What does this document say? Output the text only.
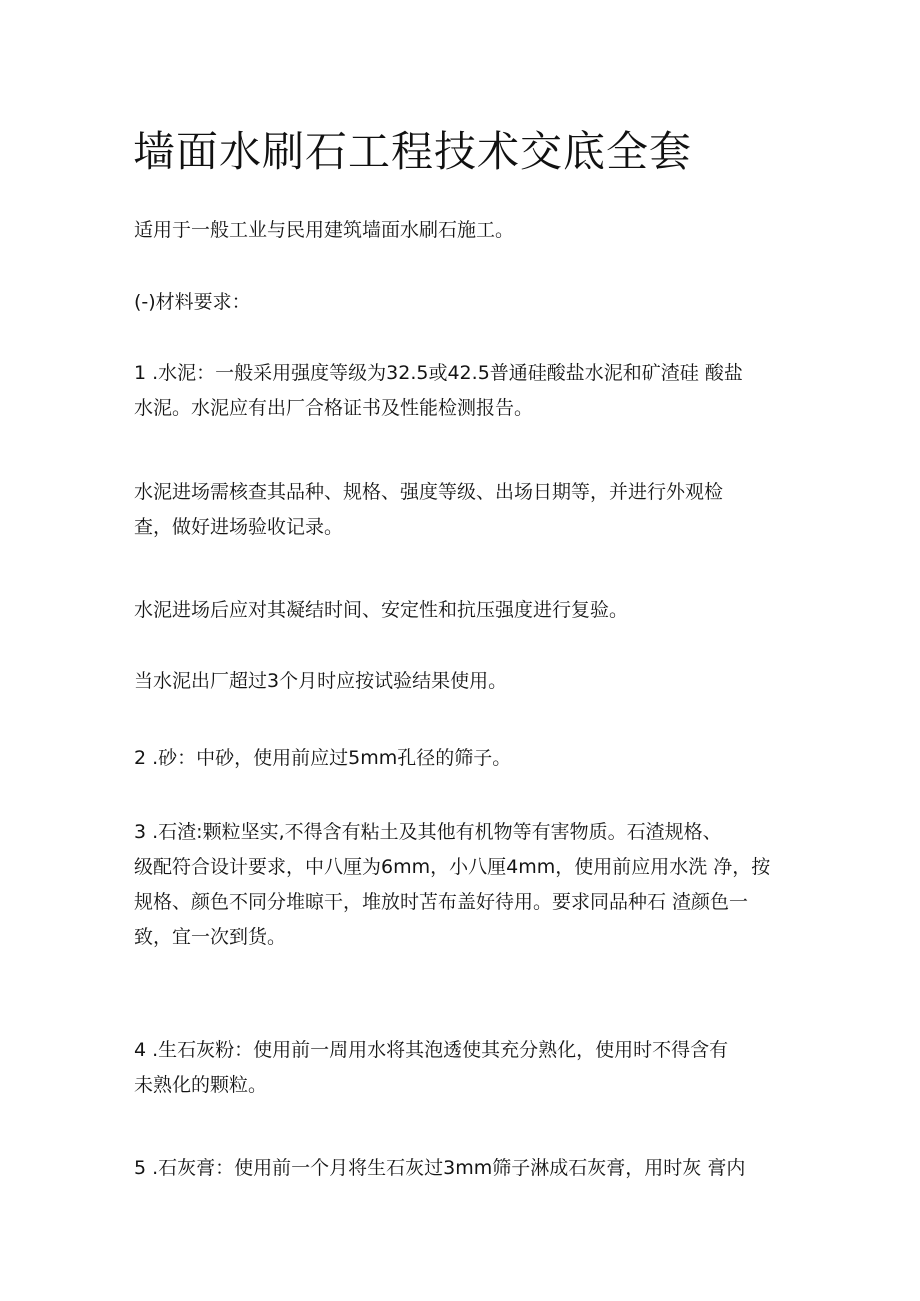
墙面水刷石工程技术交底全套

适用于一般工业与民用建筑墙面水刷石施工。

(-)材料要求：

1 .水泥：一般采用强度等级为32.5或42.5普通硅酸盐水泥和矿渣硅 酸盐
水泥。水泥应有出厂合格证书及性能检测报告。

水泥进场需核查其品种、规格、强度等级、出场日期等，并进行外观检
查，做好进场验收记录。

水泥进场后应对其凝结时间、安定性和抗压强度进行复验。

当水泥出厂超过3个月时应按试验结果使用。

2 .砂：中砂，使用前应过5mm孔径的筛子。

3 .石渣:颗粒坚实,不得含有粘土及其他有机物等有害物质。石渣规格、
级配符合设计要求，中八厘为6mm，小八厘4mm，使用前应用水洗 净，按
规格、颜色不同分堆晾干，堆放时苫布盖好待用。要求同品种石 渣颜色一
致，宜一次到货。

4 .生石灰粉：使用前一周用水将其泡透使其充分熟化，使用时不得含有
未熟化的颗粒。

5 .石灰膏：使用前一个月将生石灰过3mm筛子淋成石灰膏，用时灰 膏内
